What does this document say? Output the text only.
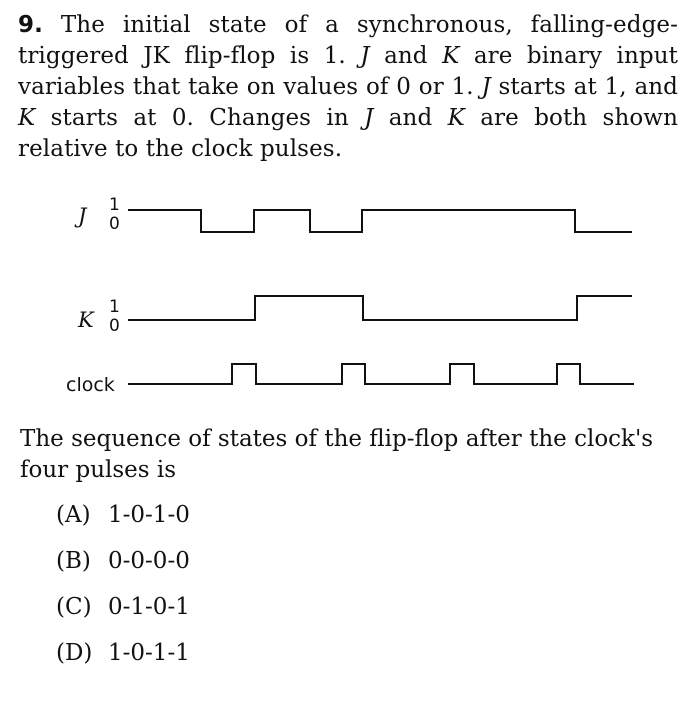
9. The initial state of a synchronous, falling-edge-triggered JK flip-flop is 1. J and K are binary input variables that take on values of 0 or 1. J starts at 1, and K starts at 0. Changes in J and K are both shown relative to the clock pulses.
J 1
0
K
1
0
clock
The sequence of states of the flip-flop after the clock's four pulses is
(A) 1-0-1-0
(B) 0-0-0-0
(C) 0-1-0-1
(D) 1-0-1-1
